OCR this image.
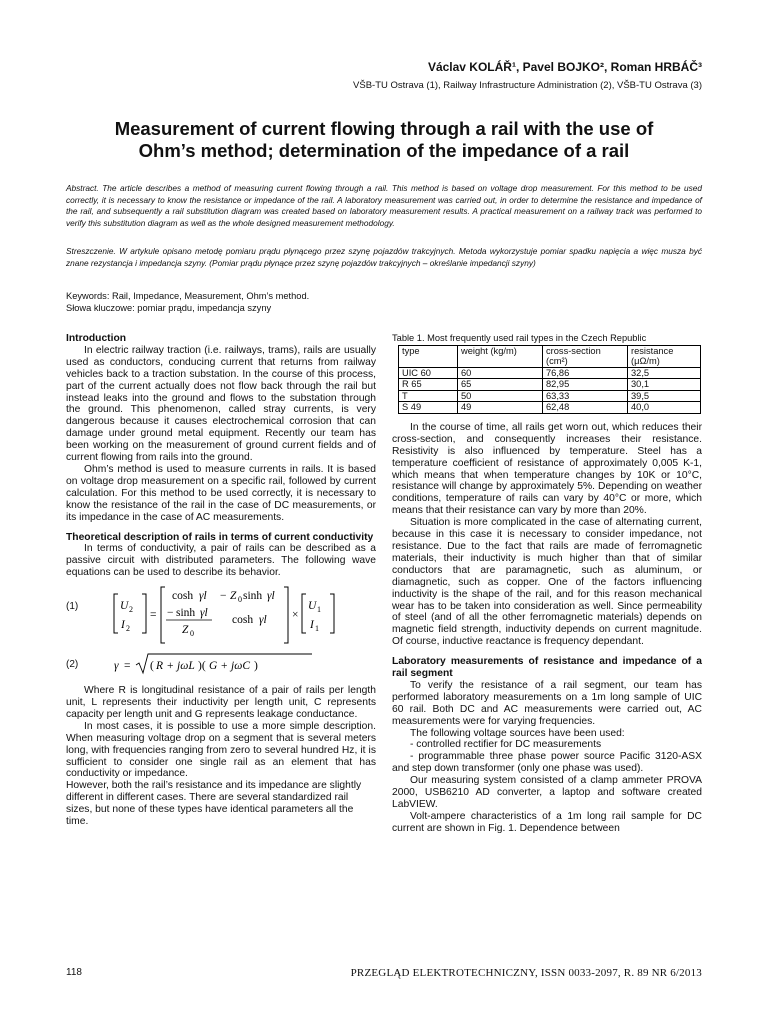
Václav KOLÁŘ¹, Pavel BOJKO², Roman HRBÁČ³
VŠB-TU Ostrava (1), Railway Infrastructure Administration (2), VŠB-TU Ostrava (3)
Measurement of current flowing through a rail with the use of
Ohm’s method; determination of the impedance of a rail
Abstract. The article describes a method of measuring current flowing through a rail. This method is based on voltage drop measurement. For this method to be used correctly, it is necessary to know the resistance or impedance of the rail. A laboratory measurement was carried out, in order to determine the resistance and impedance of the rail, and subsequently a rail substitution diagram was created based on laboratory measurement results. A practical measurement on a railway track was performed to verify this substitution diagram as well as the whole designed measurement methodology.
Streszczenie. W artykule opisano metodę pomiaru prądu płynącego przez szynę pojazdów trakcyjnych. Metoda wykorzystuje pomiar spadku napięcia a więc musza być znane rezystancja i impedancja szyny. (Pomiar prądu płynące przez szynę pojazdów trakcyjnych – określanie impedancji szyny)
Keywords: Rail, Impedance, Measurement, Ohm’s method.
Słowa kluczowe: pomiar prądu, impedancja szyny

Introduction

In electric railway traction (i.e. railways, trams), rails are usually used as conductors, conducing current that returns from railway vehicles back to a traction substation. In the course of this process, part of the current actually does not flow back through the rail but instead leaks into the ground and flows to the substation through the ground. This phenomenon, called stray currents, is very dangerous because it causes electrochemical corrosion that can damage under ground metal equipment. Recently our team has been working on the measurement of ground current fields and of current flowing from rails into the ground.

Ohm’s method is used to measure currents in rails. It is based on voltage drop measurement on a specific rail, followed by current calculation. For this method to be used correctly, it is necessary to know the resistance of the rail in the case of DC measurements, or its impedance in the case of AC measurements.

Theoretical description of rails in terms of current conductivity

In terms of conductivity, a pair of rails can be described as a passive circuit with distributed parameters. The following wave equations can be used to describe its behavior.

(1)	U 2
I 2
=
cosh γl − Z 0 sinh γl
− sinh γl
Z 0
cosh γl ×
U 1
I 1
(2)	γ = ( R + jωL )( G + jωC )

Where R is longitudinal resistance of a pair of rails per length unit, L represents their inductivity per length unit, C represents capacity per length unit and G represents leakage conductance.

In most cases, it is possible to use a more simple description. When measuring voltage drop on a segment that is several meters long, with frequencies ranging from zero to several hundred Hz, it is sufficient to consider one single rail as an element that has conductivity or impedance.

However, both the rail’s resistance and its impedance are slightly different in different cases. There are several standardized rail sizes, but none of these types have identical parameters all the time.

Table 1. Most frequently used rail types in the Czech Republic

type	weight (kg/m)	cross-section (cm²)	resistance (μΩ/m)
UIC 60	60	76,86	32,5
R 65	65	82,95	30,1
T	50	63,33	39,5
S 49	49	62,48	40,0

In the course of time, all rails get worn out, which reduces their cross-section, and consequently increases their resistance. Resistivity is also influenced by temperature. Steel has a temperature coefficient of resistance of approximately 0,005 K-1, which means that when temperature changes by 10K or 10°C, resistance will change by approximately 5%. Depending on weather conditions, temperature of rails can vary by 40°C or more, which means that their resistance can vary by more than 20%.

Situation is more complicated in the case of alternating current, because in this case it is necessary to consider impedance, not resistance. Due to the fact that rails are made of ferromagnetic materials, their inductivity is much higher than that of similar conductors that are paramagnetic, such as aluminum, or diamagnetic, such as copper. One of the factors influencing inductivity is the shape of the rail, and for this reason mechanical wear has to be taken into consideration as well. Since permeability of steel (and of all the other ferromagnetic materials) depends on magnetic field strength, inductivity depends on current magnitude. Of course, inductive reactance is frequency dependant.

Laboratory measurements of resistance and impedance of a rail segment

To verify the resistance of a rail segment, our team has performed laboratory measurements on a 1m long sample of UIC 60 rail. Both DC and AC measurements were carried out, AC measurements were for varying frequencies.

The following voltage sources have been used:

- controlled rectifier for DC measurements

- programmable three phase power source Pacific 3120-ASX and step down transformer (only one phase was used).

Our measuring system consisted of a clamp ammeter PROVA 2000, USB6210 AD converter, a laptop and software created LabVIEW.

Volt-ampere characteristics of a 1m long rail sample for DC current are shown in Fig. 1. Dependence between

118	PRZEGLĄD ELEKTROTECHNICZNY, ISSN 0033-2097, R. 89 NR 6/2013
